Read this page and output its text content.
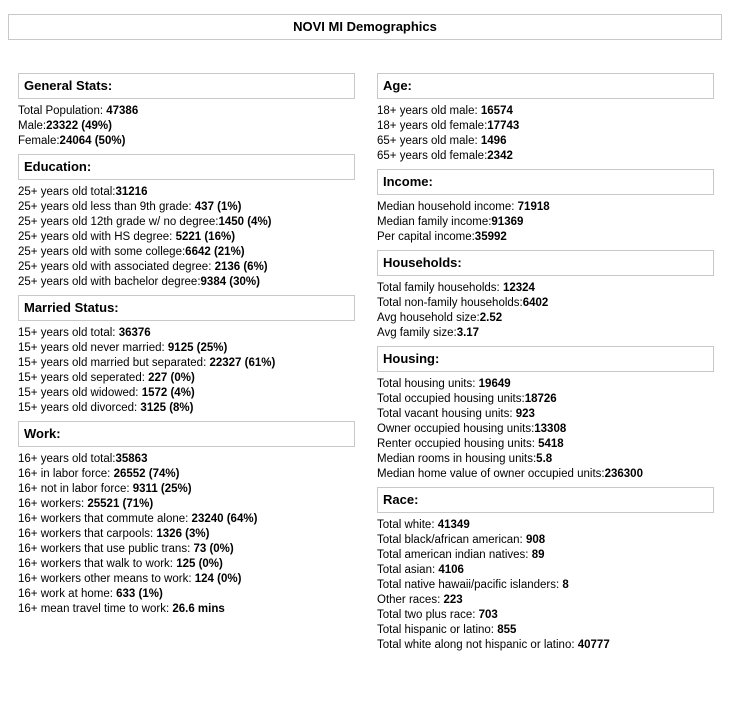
NOVI MI Demographics
General Stats:
Total Population: 47386
Male:23322 (49%)
Female:24064 (50%)
Education:
25+ years old total:31216
25+ years old less than 9th grade: 437 (1%)
25+ years old 12th grade w/ no degree:1450 (4%)
25+ years old with HS degree: 5221 (16%)
25+ years old with some college:6642 (21%)
25+ years old with associated degree: 2136 (6%)
25+ years old with bachelor degree:9384 (30%)
Married Status:
15+ years old total: 36376
15+ years old never married: 9125 (25%)
15+ years old married but separated: 22327 (61%)
15+ years old seperated: 227 (0%)
15+ years old widowed: 1572 (4%)
15+ years old divorced: 3125 (8%)
Work:
16+ years old total:35863
16+ in labor force: 26552 (74%)
16+ not in labor force: 9311 (25%)
16+ workers: 25521 (71%)
16+ workers that commute alone: 23240 (64%)
16+ workers that carpools: 1326 (3%)
16+ workers that use public trans: 73 (0%)
16+ workers that walk to work: 125 (0%)
16+ workers other means to work: 124 (0%)
16+ work at home: 633 (1%)
16+ mean travel time to work: 26.6 mins
Age:
18+ years old male: 16574
18+ years old female:17743
65+ years old male: 1496
65+ years old female:2342
Income:
Median household income: 71918
Median family income:91369
Per capital income:35992
Households:
Total family households: 12324
Total non-family households:6402
Avg household size:2.52
Avg family size:3.17
Housing:
Total housing units: 19649
Total occupied housing units:18726
Total vacant housing units: 923
Owner occupied housing units:13308
Renter occupied housing units: 5418
Median rooms in housing units:5.8
Median home value of owner occupied units:236300
Race:
Total white: 41349
Total black/african american: 908
Total american indian natives: 89
Total asian: 4106
Total native hawaii/pacific islanders: 8
Other races: 223
Total two plus race: 703
Total hispanic or latino: 855
Total white along not hispanic or latino: 40777
